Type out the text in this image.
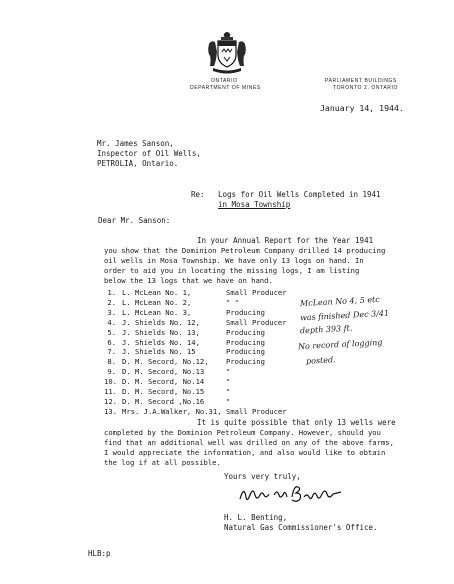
ONTARIO
DEPARTMENT OF MINES
PARLIAMENT BUILDINGS
TORONTO 2, ONTARIO
January 14, 1944.
Mr. James Sanson,
Inspector of Oil Wells,
PETROLIA, Ontario.
Re: Logs for Oil Wells Completed in 1941
in Mosa Township
Dear Mr. Sanson:
In your Annual Report for the Year 1941
you show that the Dominion Petroleum Company drilled 14 producing
oil wells in Mosa Township. We have only 13 logs on hand. In
order to aid you in locating the missing logs, I am listing
below the 13 logs that we have on hand.
1. L. McLean No. 1,	Small Producer
2. L. McLean No. 2,	" "
3. L. McLean No. 3,	Producing
4. J. Shields No. 12,	Small Producer
5. J. Shields No. 13,	Producing
6. J. Shields No. 14,	Producing
7. J. Shields No. 15	Producing
8. D. M. Secord, No.12, Producing
9. D. M. Secord, No.13	"
10. D. M. Secord, No.14	"
11. D. M. Secord, No.15	"
12. D. M. Secord ,No.16	"
13. Mrs. J.A.Walker, No.31, Small Producer
McLean No 4, 5 etc
was finished Dec 3/41
depth 393 ft.
No record of logging
posted.
It is quite possible that only 13 wells were
completed by the Dominion Petroleum Company. However, should you
find that an additional well was drilled on any of the above farms,
I would appreciate the information, and also would like to obtain
the log if at all possible.
Yours very truly,
H. L. Benting,
Natural Gas Commissioner's Office.
HLB:p
